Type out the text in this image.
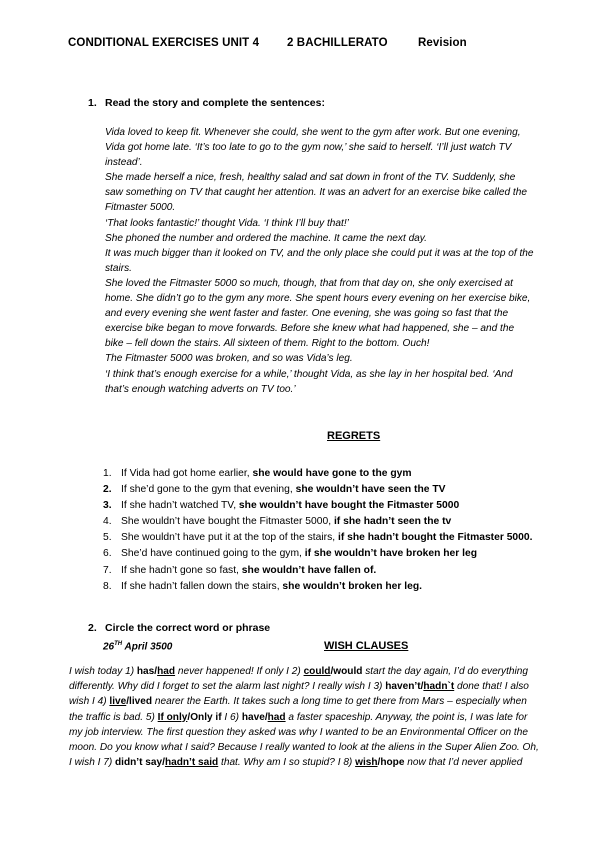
CONDITIONAL EXERCISES UNIT 4 2 BACHILLERATO	Revision
1. Read the story and complete the sentences:

Vida loved to keep fit. Whenever she could, she went to the gym after work. But one evening, Vida got home late. ‘It’s too late to go to the gym now,’ she said to herself. ‘I’ll just watch TV instead’.

She made herself a nice, fresh, healthy salad and sat down in front of the TV. Suddenly, she saw something on TV that caught her attention. It was an advert for an exercise bike called the Fitmaster 5000.

‘That looks fantastic!’ thought Vida. ‘I think I’ll buy that!’

She phoned the number and ordered the machine. It came the next day.

It was much bigger than it looked on TV, and the only place she could put it was at the top of the stairs.

She loved the Fitmaster 5000 so much, though, that from that day on, she only exercised at home. She didn’t go to the gym any more. She spent hours every evening on her exercise bike, and every evening she went faster and faster. One evening, she was going so fast that the exercise bike began to move forwards. Before she knew what had happened, she – and the bike – fell down the stairs. All sixteen of them. Right to the bottom. Ouch!

The Fitmaster 5000 was broken, and so was Vida’s leg.

‘I think that’s enough exercise for a while,’ thought Vida, as she lay in her hospital bed. ‘And that’s enough watching adverts on TV too.’

REGRETS
1. If Vida had got home earlier, she would have gone to the gym
2. If she’d gone to the gym that evening, she wouldn’t have seen the TV
3. If she hadn’t watched TV, she wouldn’t have bought the Fitmaster 5000
4. She wouldn’t have bought the Fitmaster 5000, if she hadn’t seen the tv
5. She wouldn’t have put it at the top of the stairs, if she hadn’t bought the Fitmaster 5000.
6. She’d have continued going to the gym, if she wouldn’t have broken her leg
7. If she hadn’t gone so fast, she wouldn’t have fallen of.
8. If she hadn’t fallen down the stairs, she wouldn’t broken her leg.
2. Circle the correct word or phrase
26TH April 3500	WISH CLAUSES
I wish today 1) has/had never happened! If only I 2) could/would start the day again, I’d do everything differently. Why did I forget to set the alarm last night? I really wish I 3) haven’t/hadn`t done that! I also wish I 4) live/lived nearer the Earth. It takes such a long time to get there from Mars – especially when the traffic is bad. 5) If only/Only if I 6) have/had a faster spaceship. Anyway, the point is, I was late for my job interview. The first question they asked was why I wanted to be an Environmental Officer on the moon. Do you know what I said? Because I really wanted to look at the aliens in the Super Alien Zoo. Oh, I wish I 7) didn’t say/hadn’t said that. Why am I so stupid? I 8) wish/hope now that I’d never applied
